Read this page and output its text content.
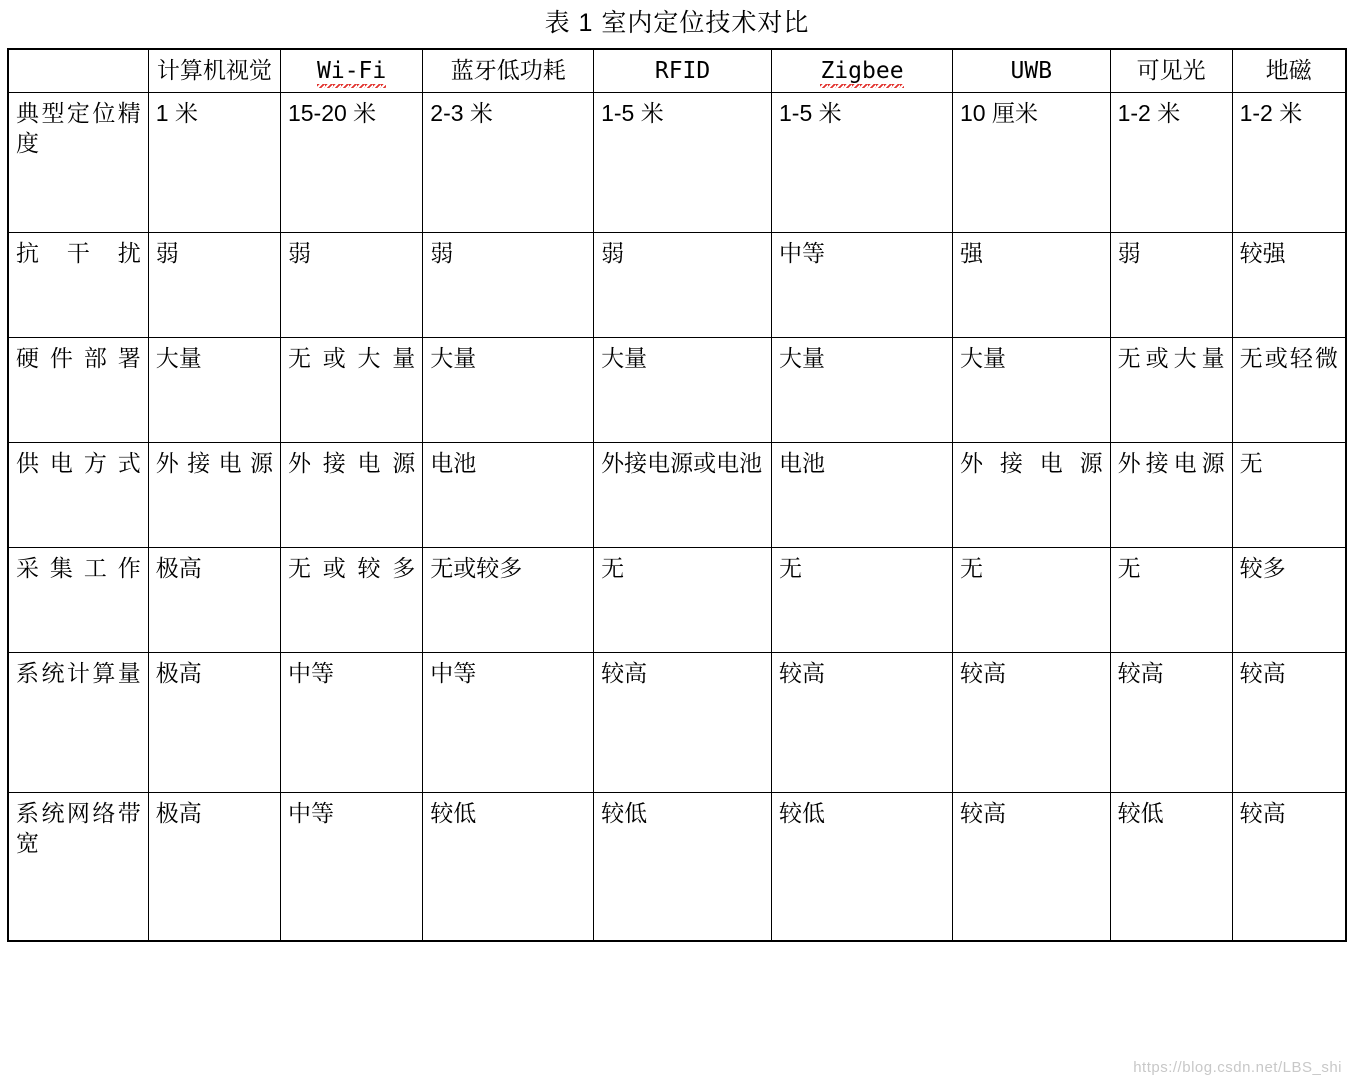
表 1 室内定位技术对比
	计算机视觉	Wi-Fi	蓝牙低功耗	RFID	Zigbee	UWB	可见光	地磁
典型定位精度	1 米	15-20 米	2-3 米	1-5 米	1-5 米	10 厘米	1-2 米	1-2 米
抗干扰	弱	弱	弱	弱	中等	强	弱	较强
硬件部署	大量	无或大量	大量	大量	大量	大量	无或大量	无或轻微
供电方式	外接电源	外接电源	电池	外接电源或电池	电池	外接电源	外接电源	无
采集工作	极高	无或较多	无或较多	无	无	无	无	较多
系统计算量	极高	中等	中等	较高	较高	较高	较高	较高
系统网络带宽	极高	中等	较低	较低	较低	较高	较低	较高
https://blog.csdn.net/LBS_shi
